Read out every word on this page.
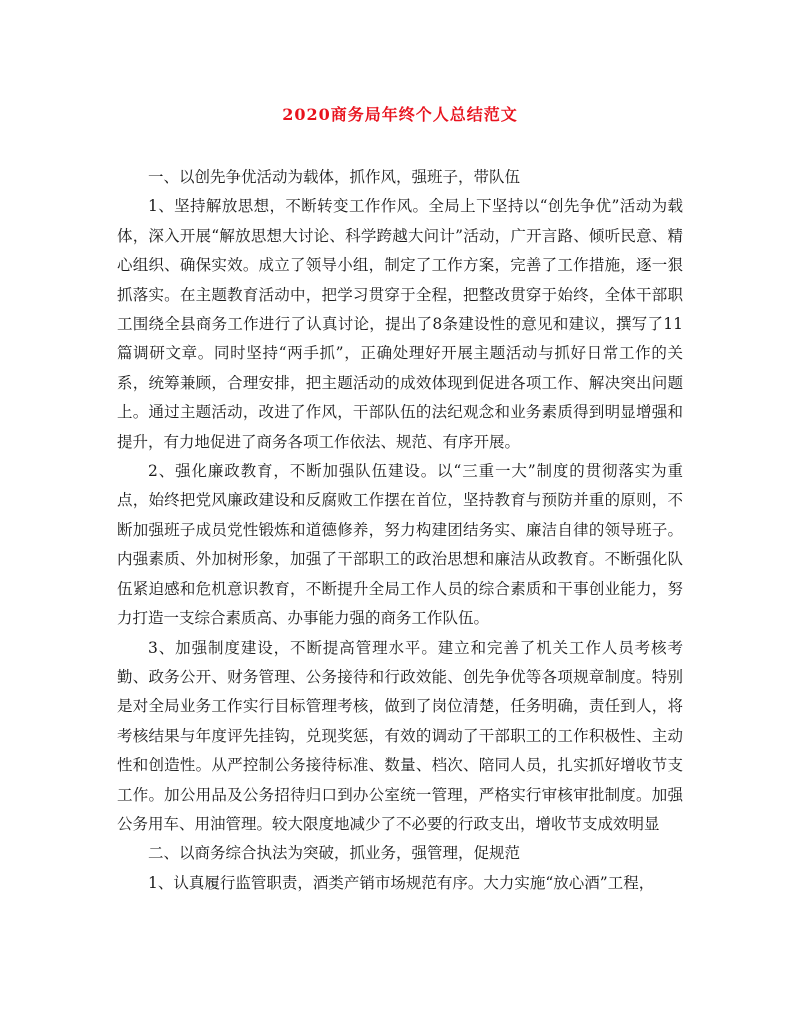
2020商务局年终个人总结范文

一、以创先争优活动为载体，抓作风，强班子，带队伍

1、坚持解放思想，不断转变工作作风。全局上下坚持以“创先争优”活动为载体，深入开展“解放思想大讨论、科学跨越大问计”活动，广开言路、倾听民意、精心组织、确保实效。成立了领导小组，制定了工作方案，完善了工作措施，逐一狠抓落实。在主题教育活动中，把学习贯穿于全程，把整改贯穿于始终，全体干部职工围绕全县商务工作进行了认真讨论，提出了8条建设性的意见和建议，撰写了11篇调研文章。同时坚持“两手抓”，正确处理好开展主题活动与抓好日常工作的关系，统筹兼顾，合理安排，把主题活动的成效体现到促进各项工作、解决突出问题上。通过主题活动，改进了作风，干部队伍的法纪观念和业务素质得到明显增强和提升，有力地促进了商务各项工作依法、规范、有序开展。

2、强化廉政教育，不断加强队伍建设。以“三重一大”制度的贯彻落实为重点，始终把党风廉政建设和反腐败工作摆在首位，坚持教育与预防并重的原则，不断加强班子成员党性锻炼和道德修养，努力构建团结务实、廉洁自律的领导班子。内强素质、外加树形象，加强了干部职工的政治思想和廉洁从政教育。不断强化队伍紧迫感和危机意识教育，不断提升全局工作人员的综合素质和干事创业能力，努力打造一支综合素质高、办事能力强的商务工作队伍。

3、加强制度建设，不断提高管理水平。建立和完善了机关工作人员考核考勤、政务公开、财务管理、公务接待和行政效能、创先争优等各项规章制度。特别是对全局业务工作实行目标管理考核，做到了岗位清楚，任务明确，责任到人，将考核结果与年度评先挂钩，兑现奖惩，有效的调动了干部职工的工作积极性、主动性和创造性。从严控制公务接待标准、数量、档次、陪同人员，扎实抓好增收节支工作。加公用品及公务招待归口到办公室统一管理，严格实行审核审批制度。加强公务用车、用油管理。较大限度地减少了不必要的行政支出，增收节支成效明显

二、以商务综合执法为突破，抓业务，强管理，促规范

1、认真履行监管职责，酒类产销市场规范有序。大力实施“放心酒”工程，
